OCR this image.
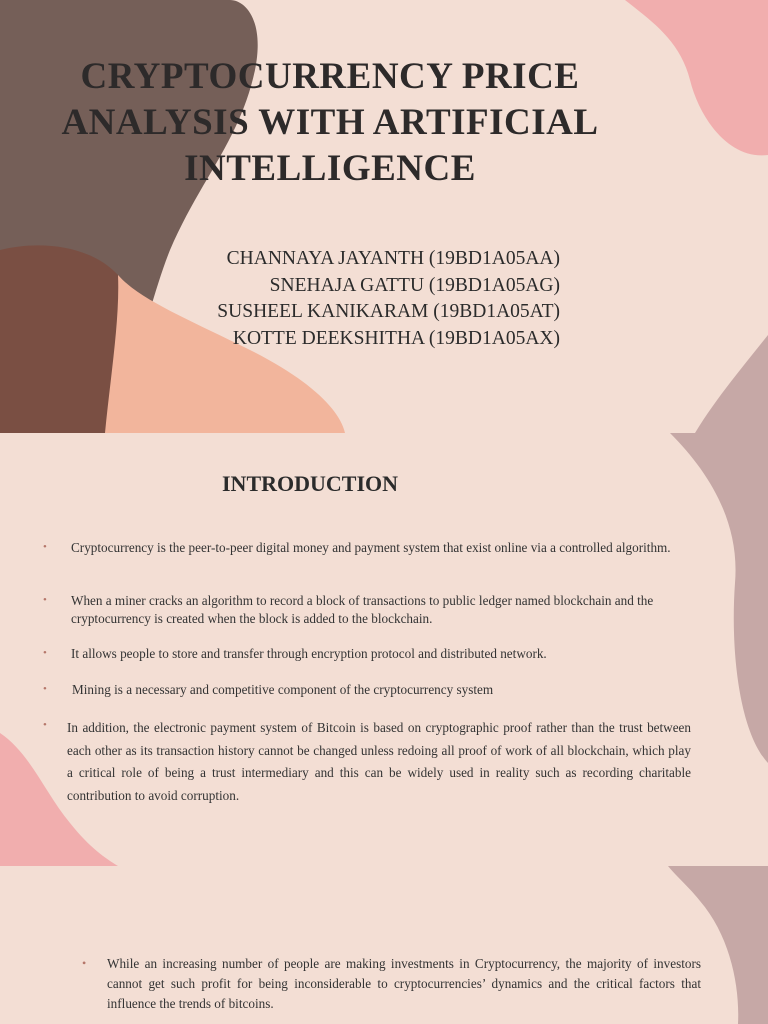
CRYPTOCURRENCY PRICE ANALYSIS WITH ARTIFICIAL INTELLIGENCE
CHANNAYA JAYANTH (19BD1A05AA)
SNEHAJA GATTU (19BD1A05AG)
SUSHEEL KANIKARAM (19BD1A05AT)
KOTTE DEEKSHITHA (19BD1A05AX)
INTRODUCTION
• Cryptocurrency is the peer-to-peer digital money and payment system that exist online via a controlled algorithm.
• When a miner cracks an algorithm to record a block of transactions to public ledger named blockchain and the cryptocurrency is created when the block is added to the blockchain.
• It allows people to store and transfer through encryption protocol and distributed network.
• Mining is a necessary and competitive component of the cryptocurrency system
• In addition, the electronic payment system of Bitcoin is based on cryptographic proof rather than the trust between each other as its transaction history cannot be changed unless redoing all proof of work of all blockchain, which play a critical role of being a trust intermediary and this can be widely used in reality such as recording charitable contribution to avoid corruption.
• While an increasing number of people are making investments in Cryptocurrency, the majority of investors cannot get such profit for being inconsiderable to cryptocurrencies’ dynamics and the critical factors that influence the trends of bitcoins.
